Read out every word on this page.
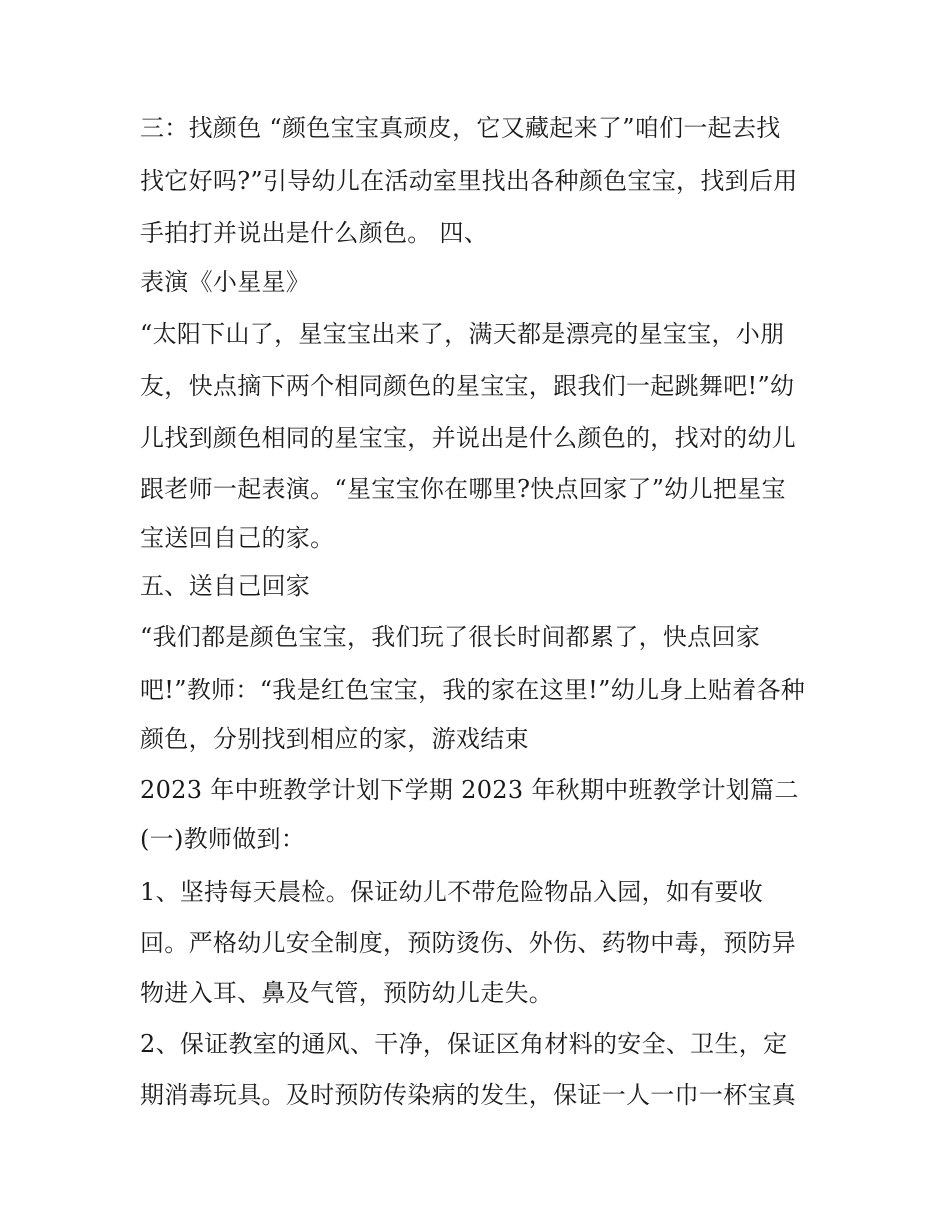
三：找颜色 “颜色宝宝真顽皮，它又藏起来了”咱们一起去找

找它好吗?”引导幼儿在活动室里找出各种颜色宝宝，找到后用

手拍打并说出是什么颜色。 四、

表演《小星星》

“太阳下山了，星宝宝出来了，满天都是漂亮的星宝宝，小朋

友，快点摘下两个相同颜色的星宝宝，跟我们一起跳舞吧!”幼

儿找到颜色相同的星宝宝，并说出是什么颜色的，找对的幼儿

跟老师一起表演。“星宝宝你在哪里?快点回家了”幼儿把星宝

宝送回自己的家。

五、送自己回家

“我们都是颜色宝宝，我们玩了很长时间都累了，快点回家

吧!”教师：“我是红色宝宝，我的家在这里!”幼儿身上贴着各种

颜色，分别找到相应的家，游戏结束

2023 年中班教学计划下学期 2023 年秋期中班教学计划篇二

(一)教师做到：

1、坚持每天晨检。保证幼儿不带危险物品入园，如有要收

回。严格幼儿安全制度，预防烫伤、外伤、药物中毒，预防异

物进入耳、鼻及气管，预防幼儿走失。

2、保证教室的通风、干净，保证区角材料的安全、卫生，定

期消毒玩具。及时预防传染病的发生，保证一人一巾一杯宝真
